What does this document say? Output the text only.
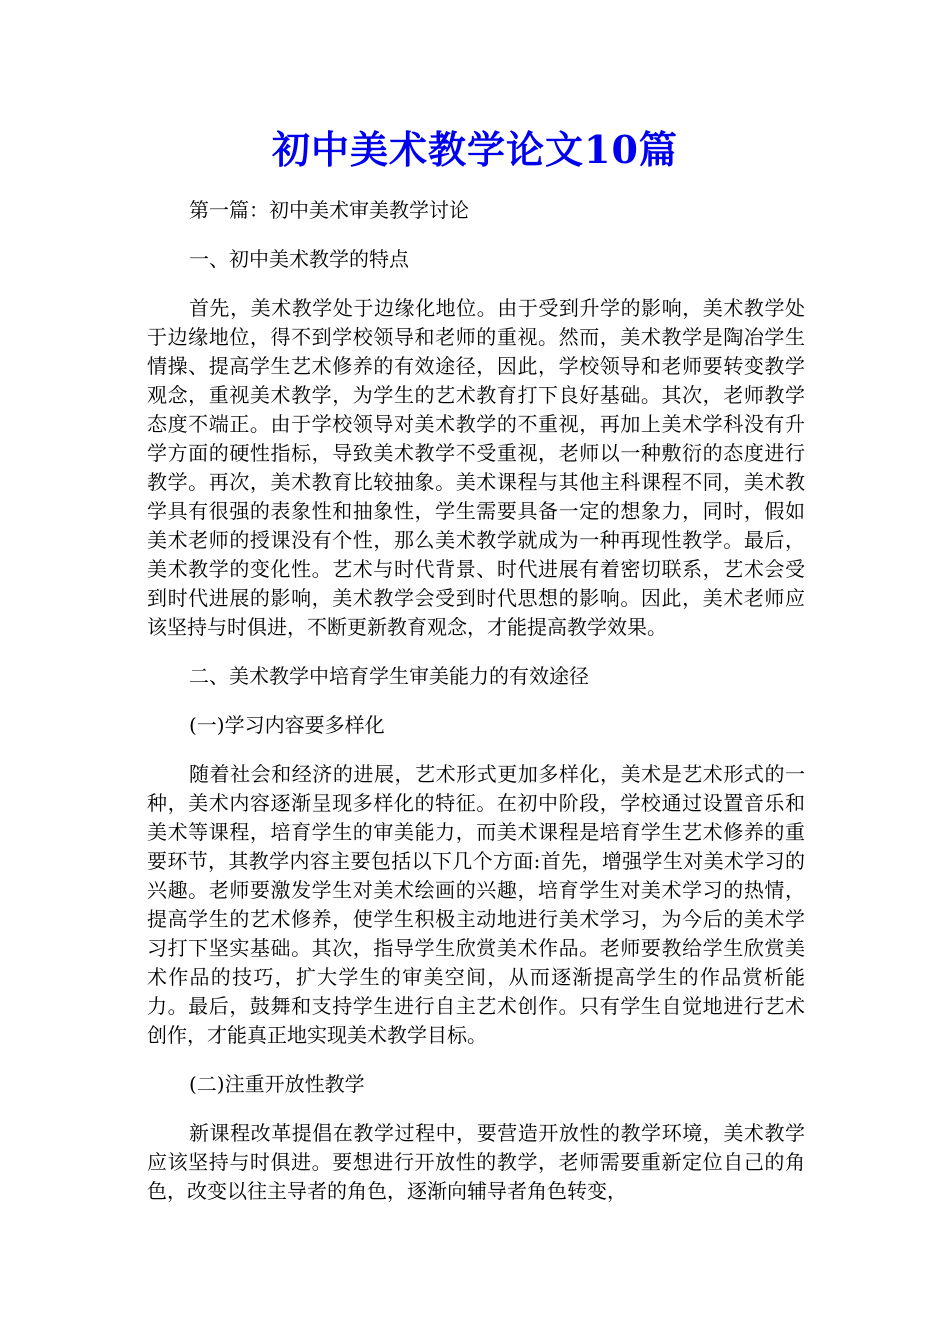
初中美术教学论文10篇

第一篇：初中美术审美教学讨论

一、初中美术教学的特点

首先，美术教学处于边缘化地位。由于受到升学的影响，美术教学处于边缘地位，得不到学校领导和老师的重视。然而，美术教学是陶冶学生情操、提高学生艺术修养的有效途径，因此，学校领导和老师要转变教学观念，重视美术教学，为学生的艺术教育打下良好基础。其次，老师教学态度不端正。由于学校领导对美术教学的不重视，再加上美术学科没有升学方面的硬性指标，导致美术教学不受重视，老师以一种敷衍的态度进行教学。再次，美术教育比较抽象。美术课程与其他主科课程不同，美术教学具有很强的表象性和抽象性，学生需要具备一定的想象力，同时，假如美术老师的授课没有个性，那么美术教学就成为一种再现性教学。最后，美术教学的变化性。艺术与时代背景、时代进展有着密切联系，艺术会受到时代进展的影响，美术教学会受到时代思想的影响。因此，美术老师应该坚持与时俱进，不断更新教育观念，才能提高教学效果。

二、美术教学中培育学生审美能力的有效途径

(一)学习内容要多样化

随着社会和经济的进展，艺术形式更加多样化，美术是艺术形式的一种，美术内容逐渐呈现多样化的特征。在初中阶段，学校通过设置音乐和美术等课程，培育学生的审美能力，而美术课程是培育学生艺术修养的重要环节，其教学内容主要包括以下几个方面:首先，增强学生对美术学习的兴趣。老师要激发学生对美术绘画的兴趣，培育学生对美术学习的热情，提高学生的艺术修养，使学生积极主动地进行美术学习，为今后的美术学习打下坚实基础。其次，指导学生欣赏美术作品。老师要教给学生欣赏美术作品的技巧，扩大学生的审美空间，从而逐渐提高学生的作品赏析能力。最后，鼓舞和支持学生进行自主艺术创作。只有学生自觉地进行艺术创作，才能真正地实现美术教学目标。

(二)注重开放性教学

新课程改革提倡在教学过程中，要营造开放性的教学环境，美术教学应该坚持与时俱进。要想进行开放性的教学，老师需要重新定位自己的角色，改变以往主导者的角色，逐渐向辅导者角色转变，
